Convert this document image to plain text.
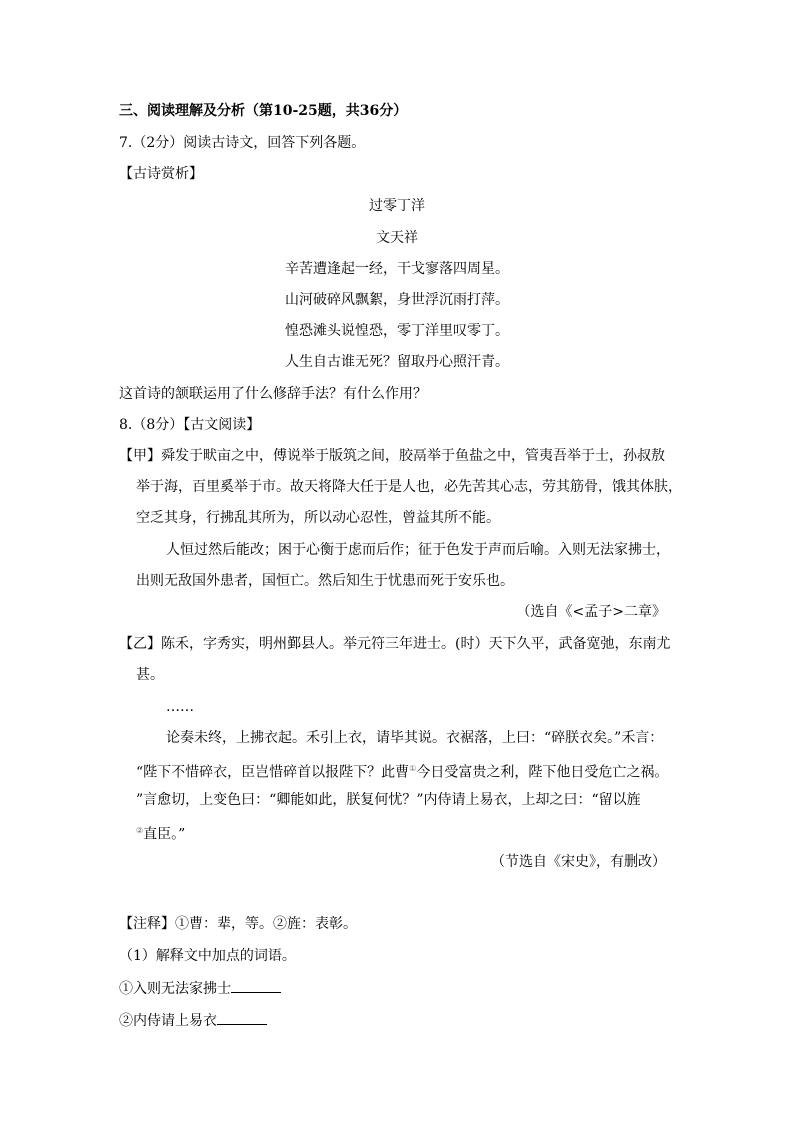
三、阅读理解及分析（第10-25题，共36分）
7.（2分）阅读古诗文，回答下列各题。
【古诗赏析】
过零丁洋
文天祥
辛苦遭逢起一经，干戈寥落四周星。
山河破碎风飘絮，身世浮沉雨打萍。
惶恐滩头说惶恐，零丁洋里叹零丁。
人生自古谁无死？留取丹心照汗青。
这首诗的颔联运用了什么修辞手法？有什么作用？
8.（8分）【古文阅读】
【甲】舜发于畎亩之中，傅说举于版筑之间，胶鬲举于鱼盐之中，管夷吾举于士，孙叔敖
举于海，百里奚举于市。故天将降大任于是人也，必先苦其心志，劳其筋骨，饿其体肤，
空乏其身，行拂乱其所为，所以动心忍性，曾益其所不能。
人恒过然后能改；困于心衡于虑而后作；征于色发于声而后喻。入则无法家拂士，
出则无敌国外患者，国恒亡。然后知生于忧患而死于安乐也。
（选自《<孟子>二章》
【乙】陈禾，字秀实，明州鄞县人。举元符三年进士。(时）天下久平，武备宽弛，东南尤
甚。
……
论奏未终，上拂衣起。禾引上衣，请毕其说。衣裾落，上曰：“碎朕衣矣。”禾言：
“陛下不惜碎衣，臣岂惜碎首以报陛下？此曹①今日受富贵之利，陛下他日受危亡之祸。
”言愈切，上变色曰：“卿能如此，朕复何忧？”内侍请上易衣，上却之曰：“留以旌
②直臣。”
（节选自《宋史》，有删改）
【注释】①曹：辈，等。②旌：表彰。
（1）解释文中加点的词语。
①入则无法家拂士
②内侍请上易衣
